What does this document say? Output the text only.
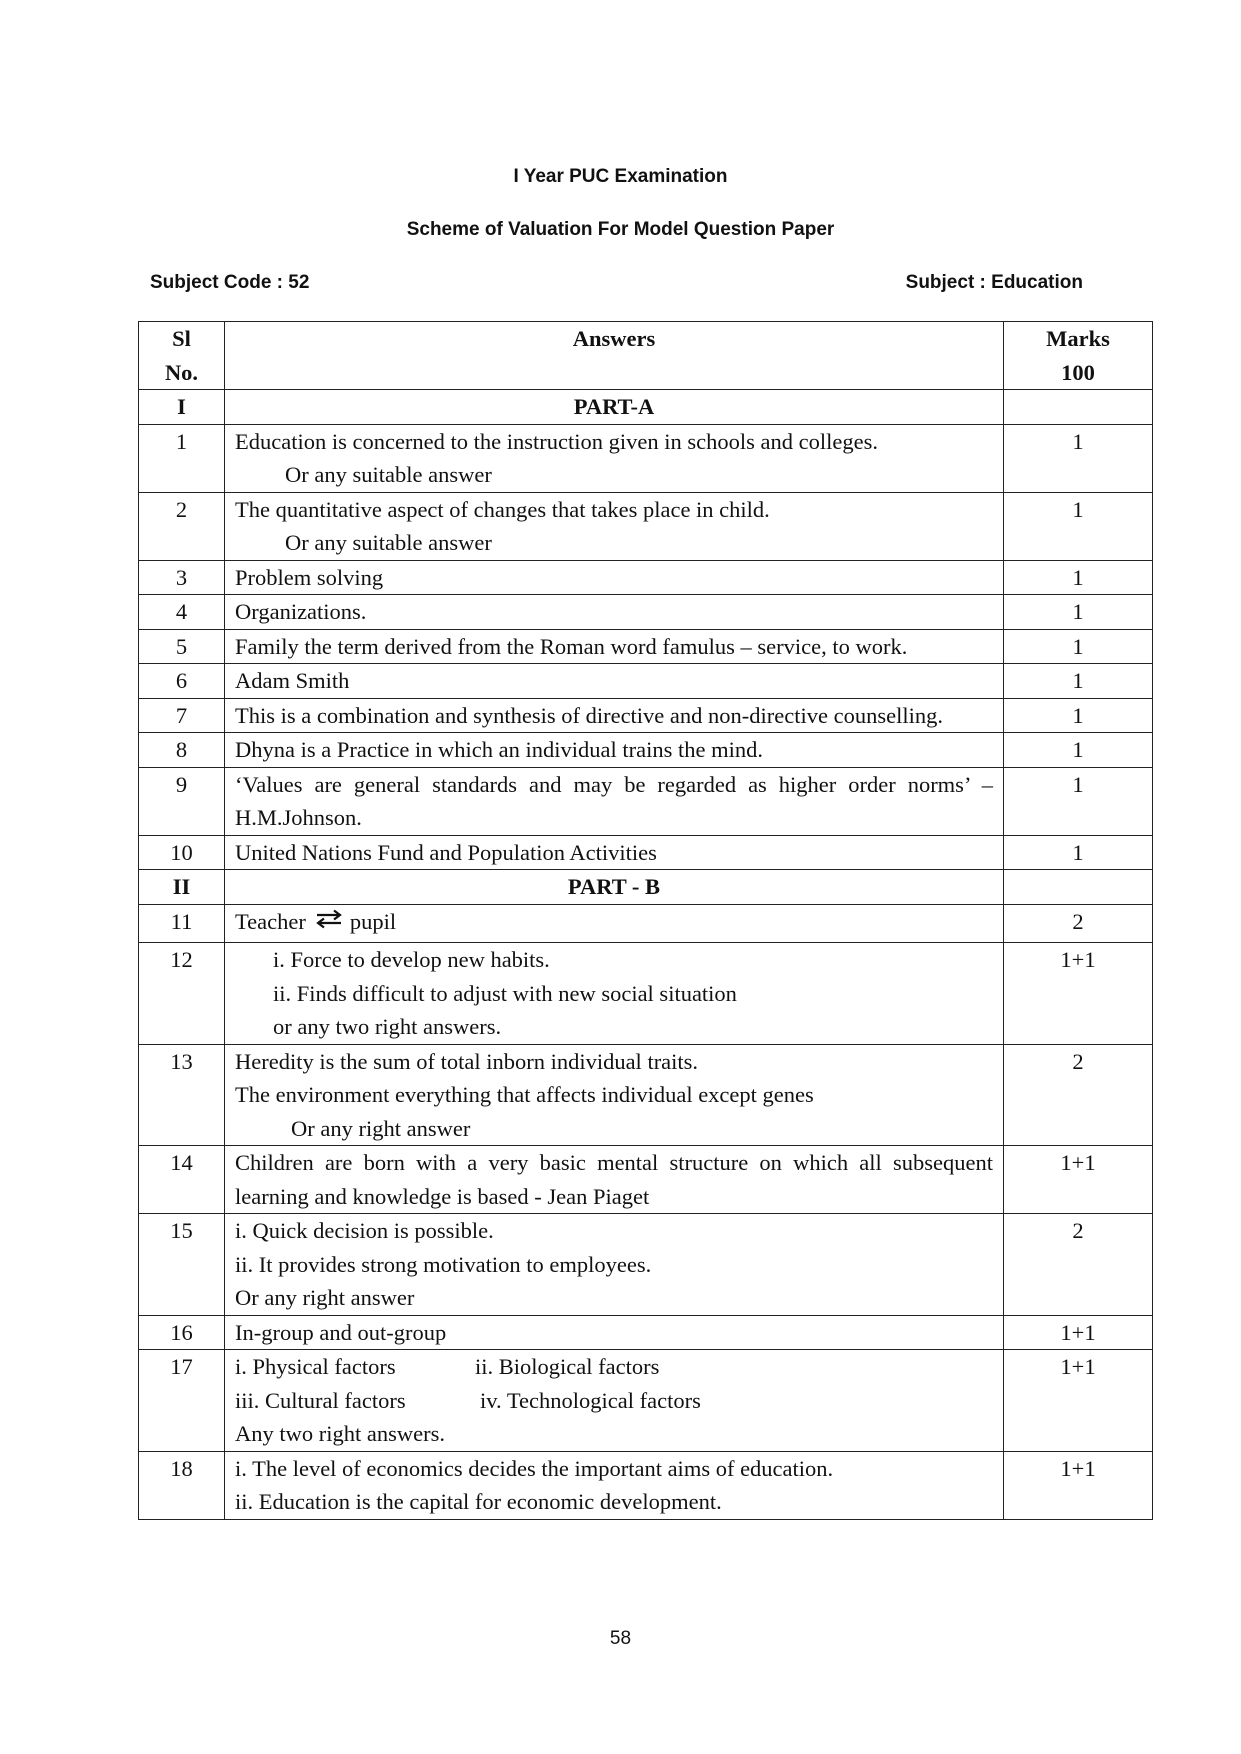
I Year PUC Examination
Scheme of Valuation For Model Question Paper
Subject Code : 52	Subject : Education
Sl
No.	Answers	Marks
100

I	PART-A	
1	Education is concerned to the instruction given in schools and colleges.
Or any suitable answer	1
2	The quantitative aspect of changes that takes place in child.
Or any suitable answer	1
3	Problem solving	1
4	Organizations.	1
5	Family the term derived from the Roman word famulus – service, to work.	1
6	Adam Smith	1
7	This is a combination and synthesis of directive and non-directive counselling.	1
8	Dhyna is a Practice in which an individual trains the mind.	1
9	‘Values are general standards and may be regarded as higher order norms’ – H.M.Johnson.	1
10	United Nations Fund and Population Activities	1
II	PART - B	
11	Teacher pupil	2
12	i. Force to develop new habits.
ii. Finds difficult to adjust with new social situation
or any two right answers.	1+1
13	Heredity is the sum of total inborn individual traits.
The environment everything that affects individual except genes
Or any right answer	2
14	Children are born with a very basic mental structure on which all subsequent learning and knowledge is based - Jean Piaget	1+1
15	i. Quick decision is possible.
ii. It provides strong motivation to employees.
Or any right answer	2
16	In-group and out-group	1+1
17	i. Physical factors ii. Biological factors
iii. Cultural factors iv. Technological factors
Any two right answers.	1+1
18	i. The level of economics decides the important aims of education.
ii. Education is the capital for economic development.	1+1
58
